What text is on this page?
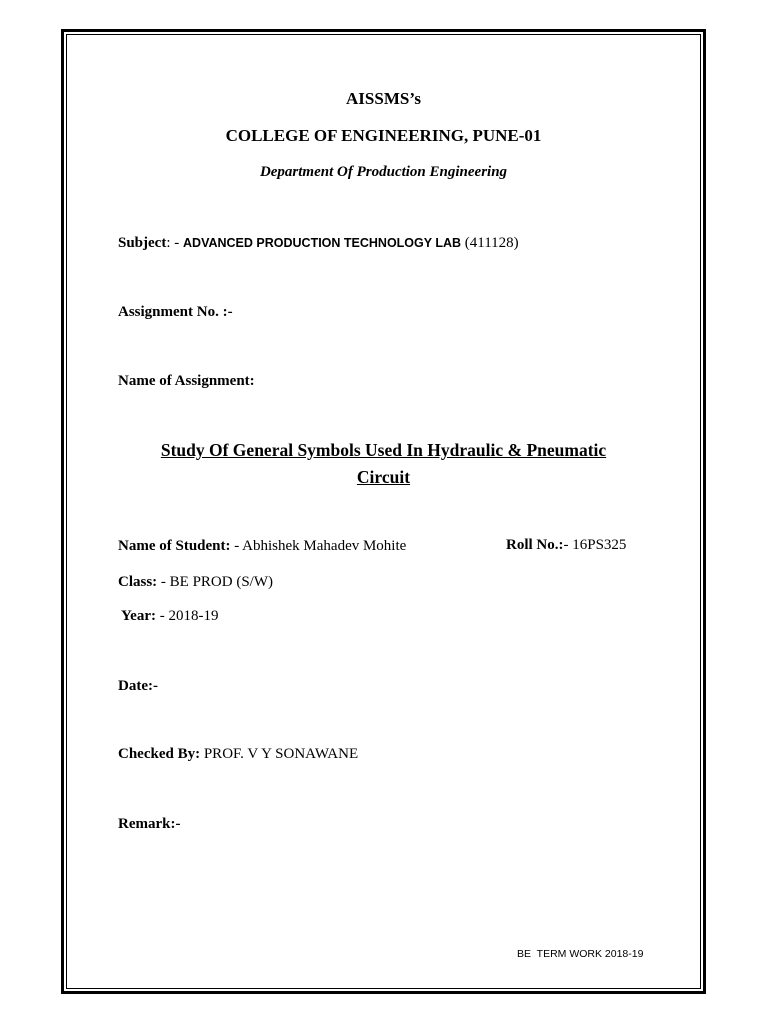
AISSMS’s
COLLEGE OF ENGINEERING, PUNE-01
Department Of Production Engineering
Subject: - ADVANCED PRODUCTION TECHNOLOGY LAB (411128)
Assignment No. :-
Name of Assignment:
Study Of General Symbols Used In Hydraulic & Pneumatic
Circuit
Name of Student: - Abhishek Mahadev Mohite	Roll No.:- 16PS325
Class: - BE PROD (S/W)
Year: - 2018-19
Date:-
Checked By: PROF. V Y SONAWANE
Remark:-
BE  TERM WORK 2018-19
